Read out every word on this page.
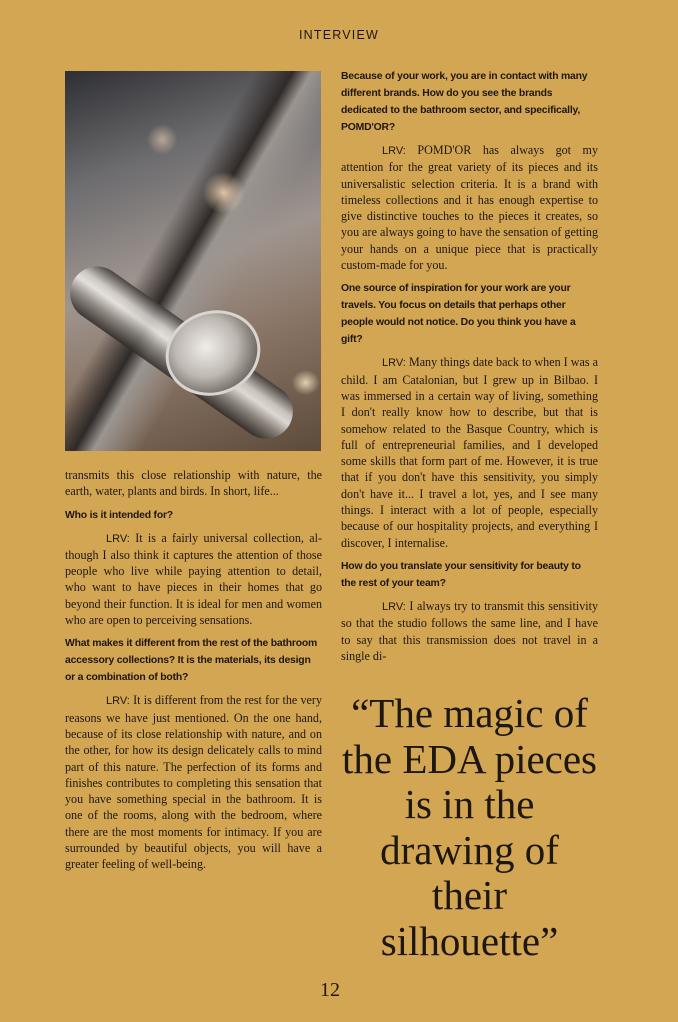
INTERVIEW

transmits this close relationship with nature, the earth, water, plants and birds. In short, life...

Who is it intended for?

LRV: It is a fairly universal collection, although I also think it captures the attention of those people who live while paying attention to detail, who want to have pieces in their homes that go beyond their function. It is ideal for men and women who are open to perceiving sensations.

What makes it different from the rest of the bathroom accessory collections? It is the materials, its design or a combination of both?

LRV: It is different from the rest for the very reasons we have just mentioned. On the one hand, because of its close relationship with nature, and on the other, for how its design delicately calls to mind part of this nature. The perfection of its forms and finishes contributes to completing this sensation that you have something special in the bathroom. It is one of the rooms, along with the bedroom, where there are the most moments for intimacy. If you are surrounded by beautiful objects, you will have a greater feeling of well-being.

Because of your work, you are in contact with many different brands. How do you see the brands dedicated to the bathroom sector, and specifically, POMD'OR?

LRV: POMD'OR has always got my attention for the great variety of its pieces and its universalistic selection criteria. It is a brand with timeless collections and it has enough expertise to give distinctive touches to the pieces it creates, so you are always going to have the sensation of getting your hands on a unique piece that is practically custom-made for you.

One source of inspiration for your work are your travels. You focus on details that perhaps other people would not notice. Do you think you have a gift?

LRV: Many things date back to when I was a child. I am Catalonian, but I grew up in Bilbao. I was immersed in a certain way of living, something I don't really know how to describe, but that is somehow related to the Basque Country, which is full of entrepreneurial families, and I developed some skills that form part of me. However, it is true that if you don't have this sensitivity, you simply don't have it... I travel a lot, yes, and I see many things. I interact with a lot of people, especially because of our hospitality projects, and everything I discover, I internalise.

How do you translate your sensitivity for beauty to the rest of your team?

LRV: I always try to transmit this sensitivity so that the studio follows the same line, and I have to say that this transmission does not travel in a single di-

“The magic of the EDA pieces is in the drawing of their silhouette”
12
